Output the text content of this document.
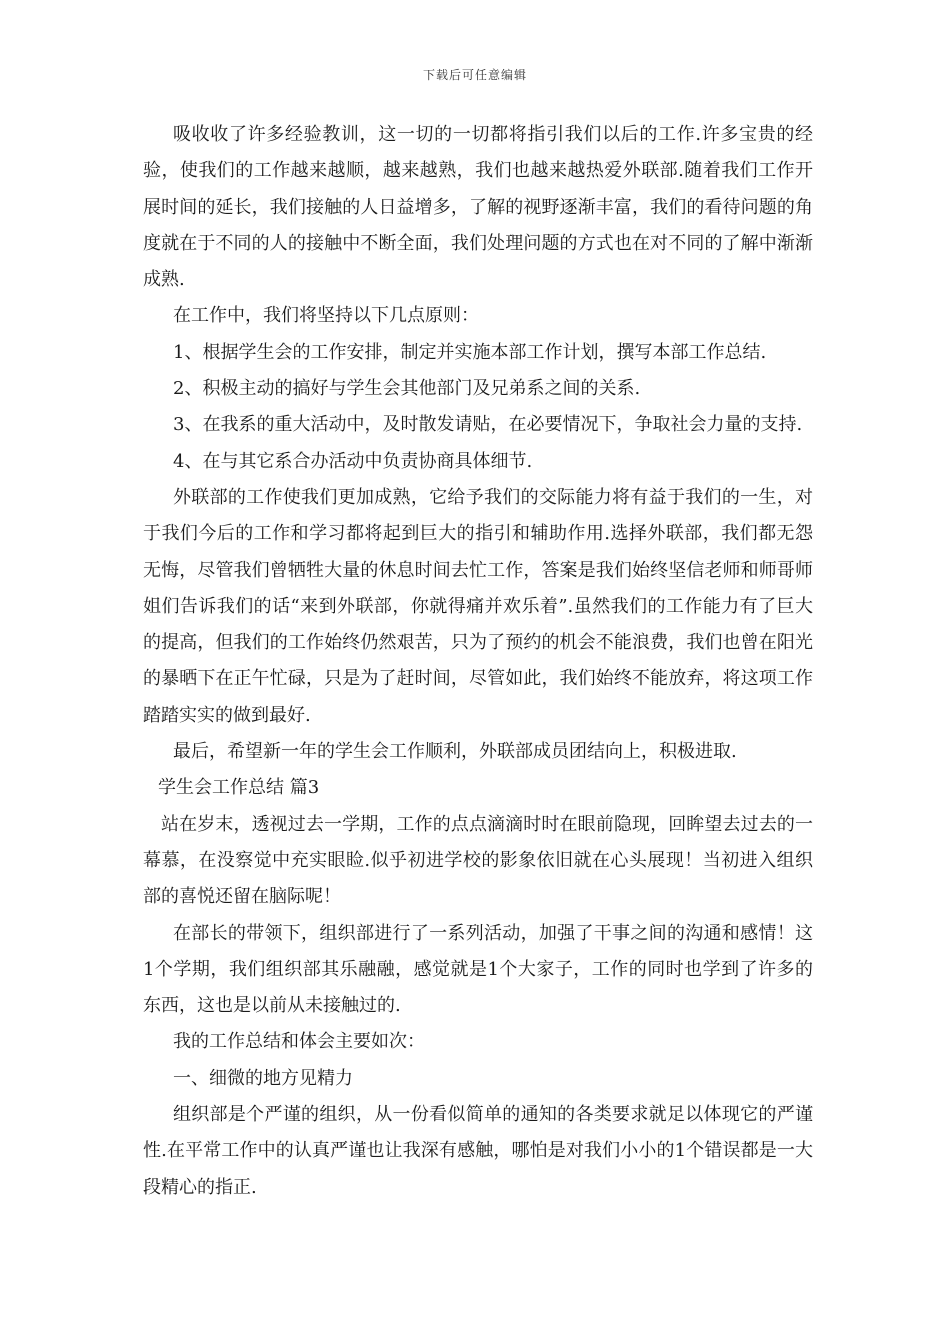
下载后可任意编辑

吸收收了许多经验教训，这一切的一切都将指引我们以后的工作.许多宝贵的经验，使我们的工作越来越顺，越来越熟，我们也越来越热爱外联部.随着我们工作开展时间的延长，我们接触的人日益增多，了解的视野逐渐丰富，我们的看待问题的角度就在于不同的人的接触中不断全面，我们处理问题的方式也在对不同的了解中渐渐成熟.

在工作中，我们将坚持以下几点原则：

1、根据学生会的工作安排，制定并实施本部工作计划，撰写本部工作总结.

2、积极主动的搞好与学生会其他部门及兄弟系之间的关系.

3、在我系的重大活动中，及时散发请贴，在必要情况下，争取社会力量的支持.

4、在与其它系合办活动中负责协商具体细节.

外联部的工作使我们更加成熟，它给予我们的交际能力将有益于我们的一生，对于我们今后的工作和学习都将起到巨大的指引和辅助作用.选择外联部，我们都无怨无悔，尽管我们曾牺牲大量的休息时间去忙工作，答案是我们始终坚信老师和师哥师姐们告诉我们的话“来到外联部，你就得痛并欢乐着”.虽然我们的工作能力有了巨大的提高，但我们的工作始终仍然艰苦，只为了预约的机会不能浪费，我们也曾在阳光的暴晒下在正午忙碌，只是为了赶时间，尽管如此，我们始终不能放弃，将这项工作踏踏实实的做到最好.

最后，希望新一年的学生会工作顺利，外联部成员团结向上，积极进取.

学生会工作总结 篇3

站在岁末，透视过去一学期，工作的点点滴滴时时在眼前隐现，回眸望去过去的一幕慕，在没察觉中充实眼睑.似乎初进学校的影象依旧就在心头展现！当初进入组织部的喜悦还留在脑际呢！

在部长的带领下，组织部进行了一系列活动，加强了干事之间的沟通和感情！这1个学期，我们组织部其乐融融，感觉就是1个大家子，工作的同时也学到了许多的东西，这也是以前从未接触过的.

我的工作总结和体会主要如次：

一、细微的地方见精力

组织部是个严谨的组织，从一份看似简单的通知的各类要求就足以体现它的严谨性.在平常工作中的认真严谨也让我深有感触，哪怕是对我们小小的1个错误都是一大段精心的指正.
